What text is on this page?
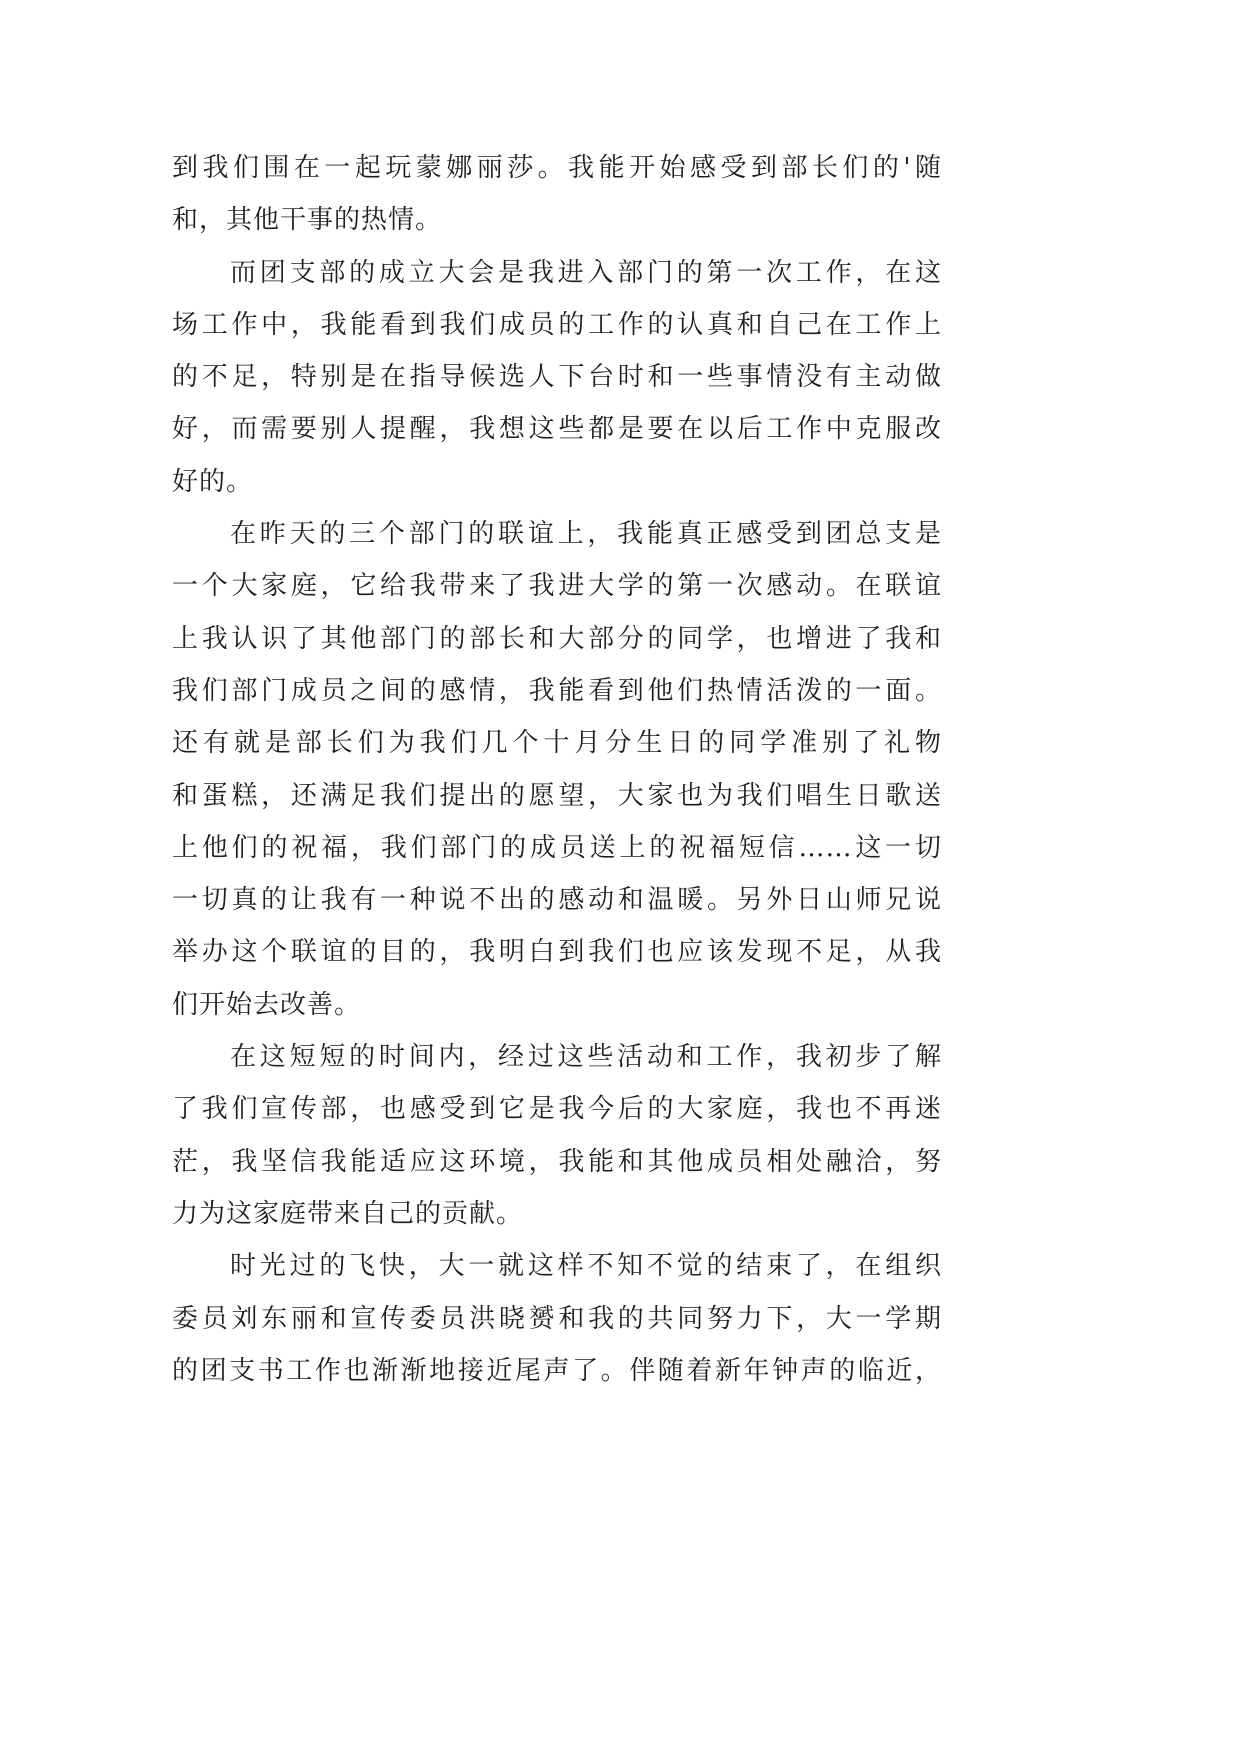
到我们围在一起玩蒙娜丽莎。我能开始感受到部长们的'随
和，其他干事的热情。
而团支部的成立大会是我进入部门的第一次工作，在这
场工作中，我能看到我们成员的工作的认真和自己在工作上
的不足，特别是在指导候选人下台时和一些事情没有主动做
好，而需要别人提醒，我想这些都是要在以后工作中克服改
好的。
在昨天的三个部门的联谊上，我能真正感受到团总支是
一个大家庭，它给我带来了我进大学的第一次感动。在联谊
上我认识了其他部门的部长和大部分的同学，也增进了我和
我们部门成员之间的感情，我能看到他们热情活泼的一面。
还有就是部长们为我们几个十月分生日的同学准别了礼物
和蛋糕，还满足我们提出的愿望，大家也为我们唱生日歌送
上他们的祝福，我们部门的成员送上的祝福短信……这一切
一切真的让我有一种说不出的感动和温暖。另外日山师兄说
举办这个联谊的目的，我明白到我们也应该发现不足，从我
们开始去改善。
在这短短的时间内，经过这些活动和工作，我初步了解
了我们宣传部，也感受到它是我今后的大家庭，我也不再迷
茫，我坚信我能适应这环境，我能和其他成员相处融洽，努
力为这家庭带来自己的贡献。
时光过的飞快，大一就这样不知不觉的结束了，在组织
委员刘东丽和宣传委员洪晓赟和我的共同努力下，大一学期
的团支书工作也渐渐地接近尾声了。伴随着新年钟声的临近，
